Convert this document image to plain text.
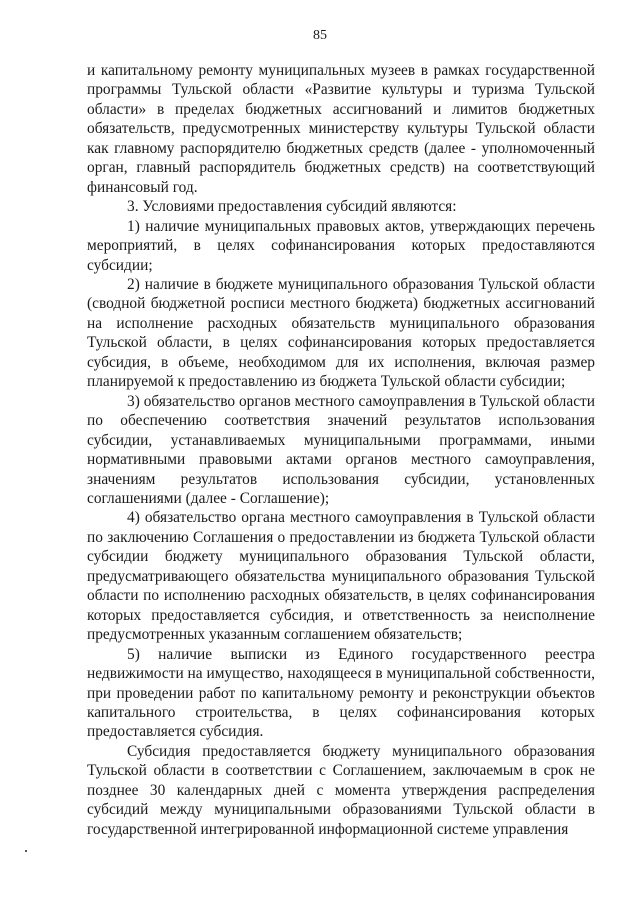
85

и капитальному ремонту муниципальных музеев в рамках государственной программы Тульской области «Развитие культуры и туризма Тульской области» в пределах бюджетных ассигнований и лимитов бюджетных обязательств, предусмотренных министерству культуры Тульской области как главному распорядителю бюджетных средств (далее - уполномоченный орган, главный распорядитель бюджетных средств) на соответствующий финансовый год.

3. Условиями предоставления субсидий являются:

1) наличие муниципальных правовых актов, утверждающих перечень мероприятий, в целях софинансирования которых предоставляются субсидии;

2) наличие в бюджете муниципального образования Тульской области (сводной бюджетной росписи местного бюджета) бюджетных ассигнований на исполнение расходных обязательств муниципального образования Тульской области, в целях софинансирования которых предоставляется субсидия, в объеме, необходимом для их исполнения, включая размер планируемой к предоставлению из бюджета Тульской области субсидии;

3) обязательство органов местного самоуправления в Тульской области по обеспечению соответствия значений результатов использования субсидии, устанавливаемых муниципальными программами, иными нормативными правовыми актами органов местного самоуправления, значениям результатов использования субсидии, установленных соглашениями (далее - Соглашение);

4) обязательство органа местного самоуправления в Тульской области по заключению Соглашения о предоставлении из бюджета Тульской области субсидии бюджету муниципального образования Тульской области, предусматривающего обязательства муниципального образования Тульской области по исполнению расходных обязательств, в целях софинансирования которых предоставляется субсидия, и ответственность за неисполнение предусмотренных указанным соглашением обязательств;

5) наличие выписки из Единого государственного реестра недвижимости на имущество, находящееся в муниципальной собственности, при проведении работ по капитальному ремонту и реконструкции объектов капитального строительства, в целях софинансирования которых предоставляется субсидия.

Субсидия предоставляется бюджету муниципального образования Тульской области в соответствии с Соглашением, заключаемым в срок не позднее 30 календарных дней с момента утверждения распределения субсидий между муниципальными образованиями Тульской области в государственной интегрированной информационной системе управления
